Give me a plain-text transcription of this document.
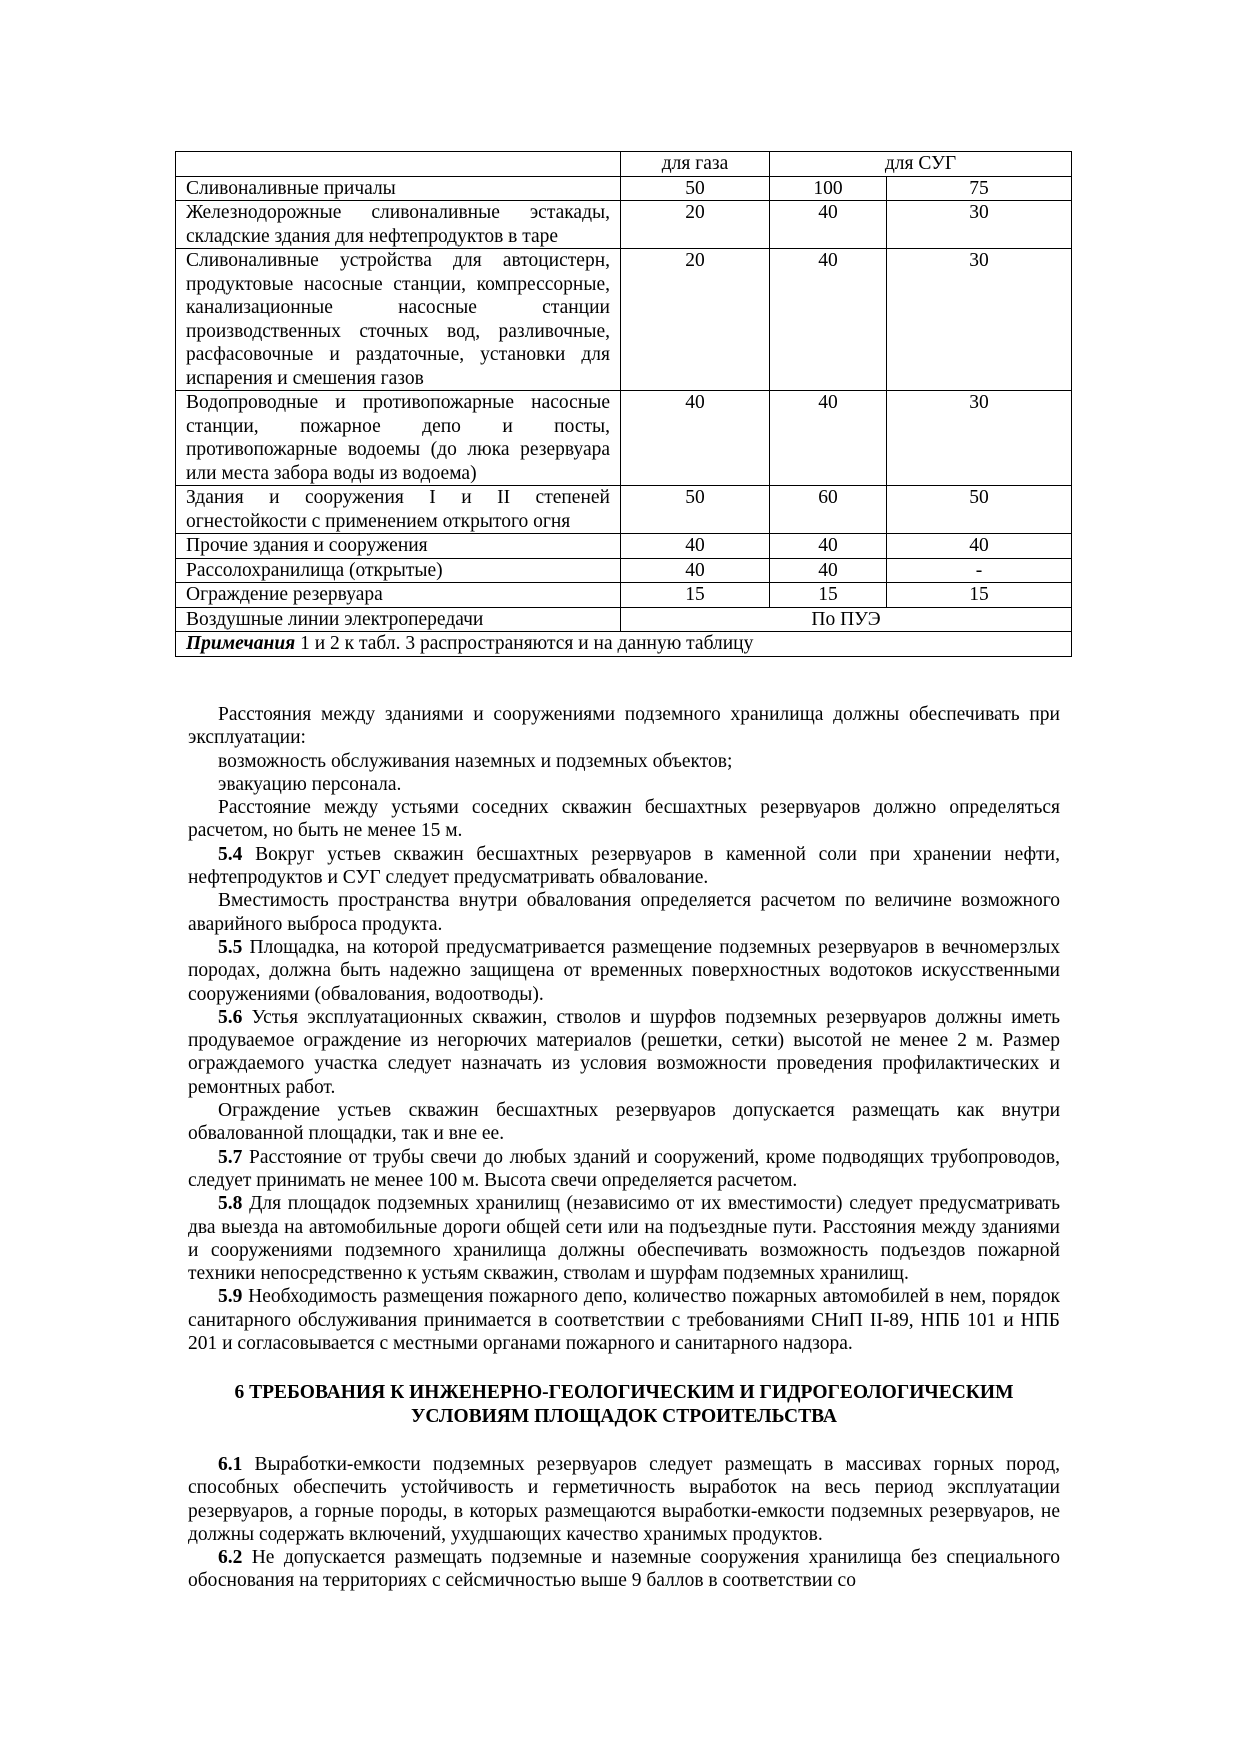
	для газа	для СУГ	
Сливоналивные причалы	50	100	75
Железнодорожные сливоналивные эстакады, складские здания для нефтепродуктов в таре	20	40	30
Сливоналивные устройства для автоцистерн, продуктовые насосные станции, компрессорные, канализационные насосные станции производственных сточных вод, разливочные, расфасовочные и раздаточные, установки для испарения и смешения газов	20	40	30
Водопроводные и противопожарные насосные станции, пожарное депо и посты, противопожарные водоемы (до люка резервуара или места забора воды из водоема)	40	40	30
Здания и сооружения I и II степеней огнестойкости с применением открытого огня	50	60	50
Прочие здания и сооружения	40	40	40
Рассолохранилища (открытые)	40	40	-
Ограждение резервуара	15	15	15
Воздушные линии электропередачи	По ПУЭ		
Примечания 1 и 2 к табл. 3 распространяются и на данную таблицу			

Расстояния между зданиями и сооружениями подземного хранилища должны обеспечивать при эксплуатации:

возможность обслуживания наземных и подземных объектов;

эвакуацию персонала.

Расстояние между устьями соседних скважин бесшахтных резервуаров должно определяться расчетом, но быть не менее 15 м.

5.4 Вокруг устьев скважин бесшахтных резервуаров в каменной соли при хранении нефти, нефтепродуктов и СУГ следует предусматривать обвалование.

Вместимость пространства внутри обвалования определяется расчетом по величине возможного аварийного выброса продукта.

5.5 Площадка, на которой предусматривается размещение подземных резервуаров в вечномерзлых породах, должна быть надежно защищена от временных поверхностных водотоков искусственными сооружениями (обвалования, водоотводы).

5.6 Устья эксплуатационных скважин, стволов и шурфов подземных резервуаров должны иметь продуваемое ограждение из негорючих материалов (решетки, сетки) высотой не менее 2 м. Размер ограждаемого участка следует назначать из условия возможности проведения профилактических и ремонтных работ.

Ограждение устьев скважин бесшахтных резервуаров допускается размещать как внутри обвалованной площадки, так и вне ее.

5.7 Расстояние от трубы свечи до любых зданий и сооружений, кроме подводящих трубопроводов, следует принимать не менее 100 м. Высота свечи определяется расчетом.

5.8 Для площадок подземных хранилищ (независимо от их вместимости) следует предусматривать два выезда на автомобильные дороги общей сети или на подъездные пути. Расстояния между зданиями и сооружениями подземного хранилища должны обеспечивать возможность подъездов пожарной техники непосредственно к устьям скважин, стволам и шурфам подземных хранилищ.

5.9 Необходимость размещения пожарного депо, количество пожарных автомобилей в нем, порядок санитарного обслуживания принимается в соответствии с требованиями СНиП II-89, НПБ 101 и НПБ 201 и согласовывается с местными органами пожарного и санитарного надзора.

6 ТРЕБОВАНИЯ К ИНЖЕНЕРНО-ГЕОЛОГИЧЕСКИМ И ГИДРОГЕОЛОГИЧЕСКИМ
УСЛОВИЯМ ПЛОЩАДОК СТРОИТЕЛЬСТВА

6.1 Выработки-емкости подземных резервуаров следует размещать в массивах горных пород, способных обеспечить устойчивость и герметичность выработок на весь период эксплуатации резервуаров, а горные породы, в которых размещаются выработки-емкости подземных резервуаров, не должны содержать включений, ухудшающих качество хранимых продуктов.

6.2 Не допускается размещать подземные и наземные сооружения хранилища без специального обоснования на территориях с сейсмичностью выше 9 баллов в соответствии со
